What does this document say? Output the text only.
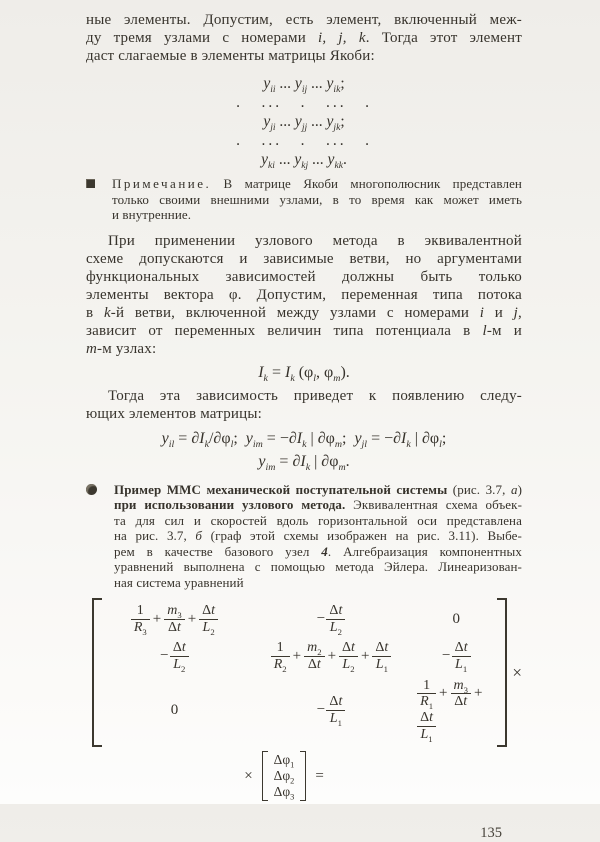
ные элементы. Допустим, есть элемент, включенный меж-
ду тремя узлами с номерами i, j, k. Тогда этот элемент
даст слагаемые в элементы матрицы Якоби:
$y_{ii}$ ... $y_{ij}$ ... $y_{ik}$;
. ... . ... .
$y_{ji}$ ... $y_{jj}$ ... $y_{jk}$;
. ... . ... .
$y_{ki}$ ... $y_{kj}$ ... $y_{kk}$.
Примечание. В матрице Якоби многополюсник представлен
только своими внешними узлами, в то время как может иметь
и внутренние.
При применении узлового метода в эквивалентной
схеме допускаются и зависимые ветви, но аргументами
функциональных зависимостей должны быть только
элементы вектора φ. Допустим, переменная типа потока
в k-й ветви, включенной между узлами с номерами i и j,
зависит от переменных величин типа потенциала в l-м и
m-м узлах:
$I_k = I_k$ ($\varphi_l$, $\varphi_m$).
Тогда эта зависимость приведет к появлению следу-
ющих элементов матрицы:
$y_{il} = \partial I_k/\partial\varphi_l$;  $y_{im} = -\partial I_k$ | $\partial\varphi_m$;  $y_{jl} = -\partial I_k$ | $\partial\varphi_l$;
$y_{im} = \partial I_k$ | $\partial\varphi_m$.
Пример ММС механической поступательной системы (рис. 3.7, а)
при использовании узлового метода. Эквивалентная схема объек-
та для сил и скоростей вдоль горизонтальной оси представлена
на рис. 3.7, б (граф этой схемы изображен на рис. 3.11). Выбе-
рем в качестве базового узел 4. Алгебраизация компонентных
уравнений выполнена с помощью метода Эйлера. Линеаризован-
ная система уравнений
$\frac{1}{R_3} + \frac{m_3}{\Delta t} + \frac{\Delta t}{L_2}$	−  $\frac{\Delta t}{L_2}$	0
−  $\frac{\Delta t}{L_2}$	$\frac{1}{R_2} + \frac{m_2}{\Delta t} + \frac{\Delta t}{L_2} + \frac{\Delta t}{L_1}$	−  $\frac{\Delta t}{L_1}$
0	−  $\frac{\Delta t}{L_1}$	$\frac{1}{R_1} + \frac{m_3}{\Delta t}$ +
$\frac{\Delta t}{L_1}$
×
×
$\Delta\varphi_1$
$\Delta\varphi_2$
$\Delta\varphi_3$
=
135
